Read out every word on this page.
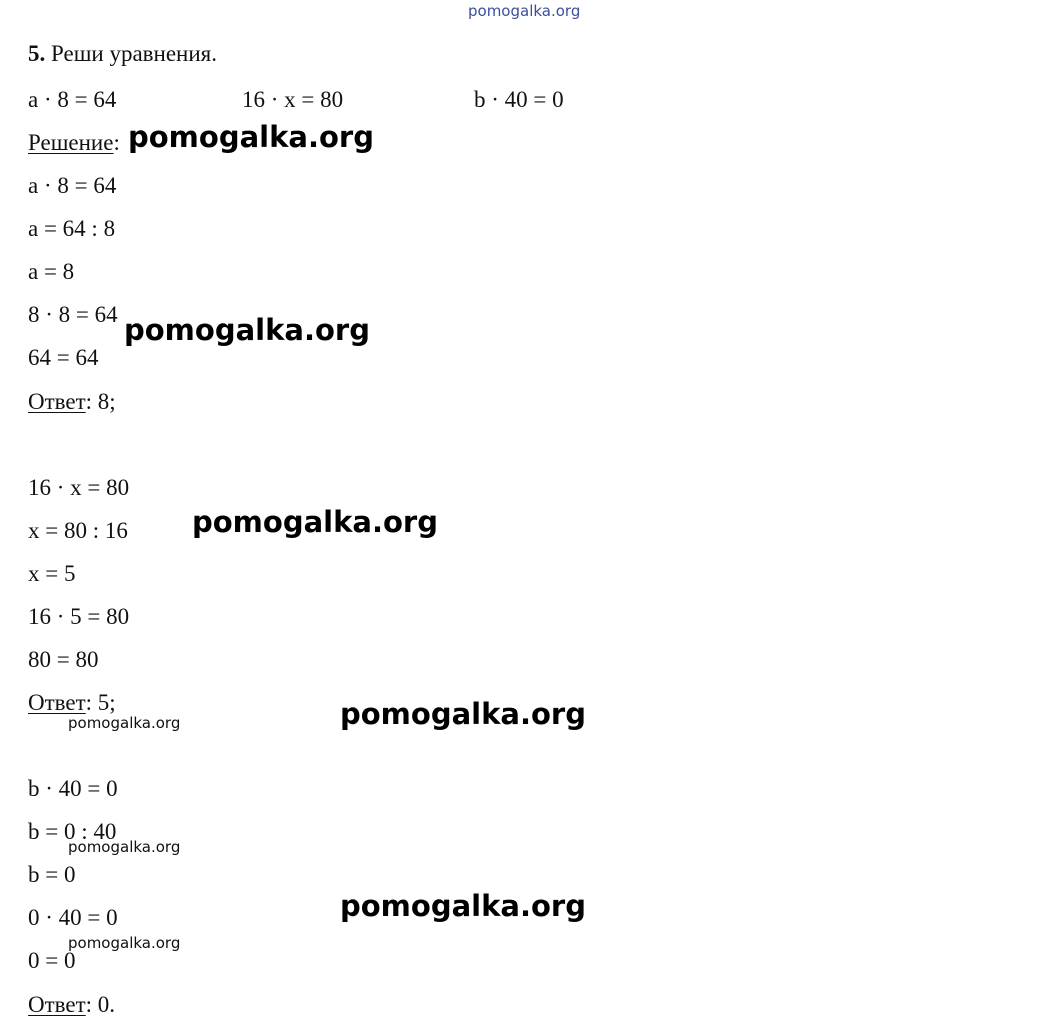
pomogalka.org
5. Реши уравнения.
a · 8 = 64	16 · x = 80	b · 40 = 0
Решение:
a · 8 = 64
a = 64 : 8
a = 8
8 · 8 = 64
64 = 64
Ответ: 8;
16 · x = 80
x = 80 : 16
x = 5
16 · 5 = 80
80 = 80
Ответ: 5;
b · 40 = 0
b = 0 : 40
b = 0
0 · 40 = 0
0 = 0
Ответ: 0.
pomogalka.org
pomogalka.org
pomogalka.org
pomogalka.org
pomogalka.org
pomogalka.org
pomogalka.org
pomogalka.org
